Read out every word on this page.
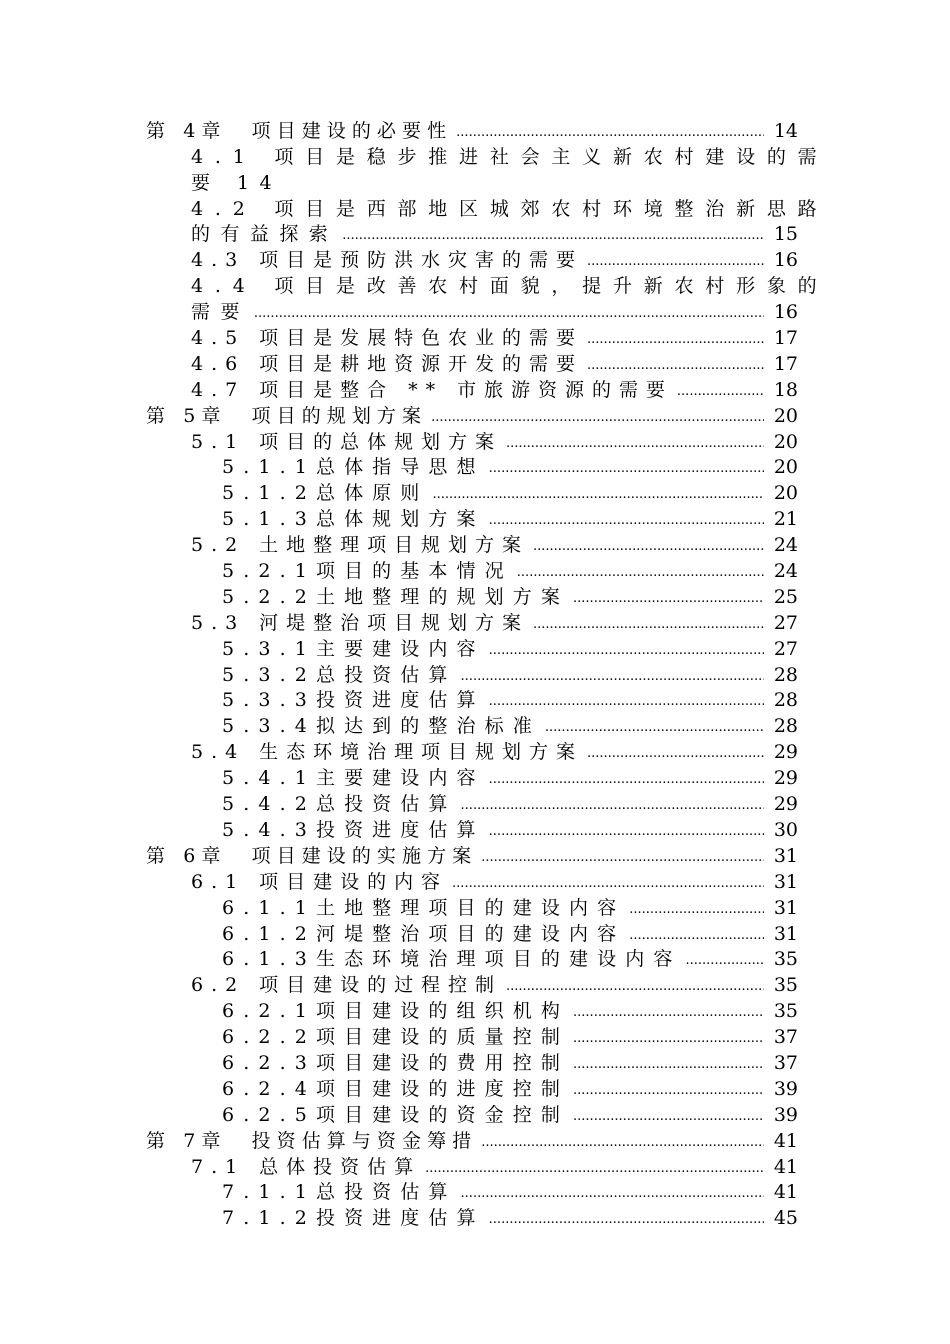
第 4章　项目建设的必要性 .....	14
4.1 项目是稳步推进社会主义新农村建设的需
要 14
4.2 项目是西部地区城郊农村环境整治新思路
的有益探索 .....	15
4.3 项目是预防洪水灾害的需要 .....	16
4.4 项目是改善农村面貌，提升新农村形象的
需要 .....	16
4.5 项目是发展特色农业的需要 .....	17
4.6 项目是耕地资源开发的需要 .....	17
4.7 项目是整合 ** 市旅游资源的需要 .....	18
第 5章　项目的规划方案 .....	20
5.1 项目的总体规划方案 .....	20
5.1.1总体指导思想 .....	20
5.1.2总体原则 .....	20
5.1.3总体规划方案 .....	21
5.2 土地整理项目规划方案 .....	24
5.2.1项目的基本情况 .....	24
5.2.2土地整理的规划方案 .....	25
5.3 河堤整治项目规划方案 .....	27
5.3.1主要建设内容 .....	27
5.3.2总投资估算 .....	28
5.3.3投资进度估算 .....	28
5.3.4拟达到的整治标准 .....	28
5.4 生态环境治理项目规划方案 .....	29
5.4.1主要建设内容 .....	29
5.4.2总投资估算 .....	29
5.4.3投资进度估算 .....	30
第 6章　项目建设的实施方案 .....	31
6.1 项目建设的内容 .....	31
6.1.1土地整理项目的建设内容 .....	31
6.1.2河堤整治项目的建设内容 .....	31
6.1.3生态环境治理项目的建设内容 .....	35
6.2 项目建设的过程控制 .....	35
6.2.1项目建设的组织机构 .....	35
6.2.2项目建设的质量控制 .....	37
6.2.3项目建设的费用控制 .....	37
6.2.4项目建设的进度控制 .....	39
6.2.5项目建设的资金控制 .....	39
第 7章　投资估算与资金筹措 .....	41
7.1 总体投资估算 .....	41
7.1.1总投资估算 .....	41
7.1.2投资进度估算 .....	45
